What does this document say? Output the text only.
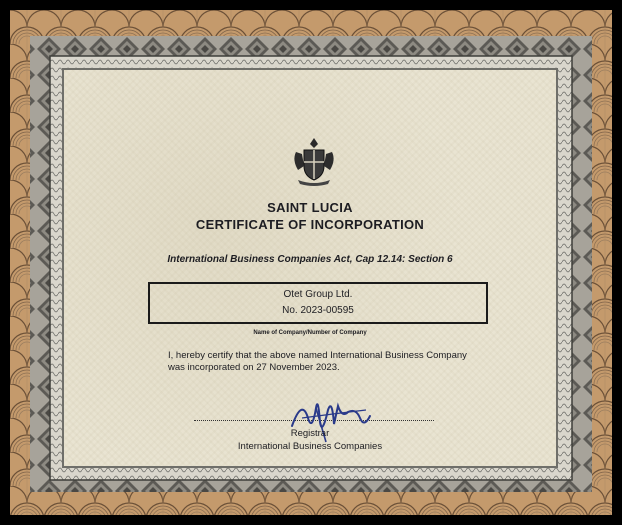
SAINT LUCIA
CERTIFICATE OF INCORPORATION
International Business Companies Act, Cap 12.14: Section 6
Otet Group Ltd.
No. 2023-00595
Name of Company/Number of Company
I, hereby certify that the above named International Business Company
was incorporated on 27 November 2023.
Registrar
International Business Companies
